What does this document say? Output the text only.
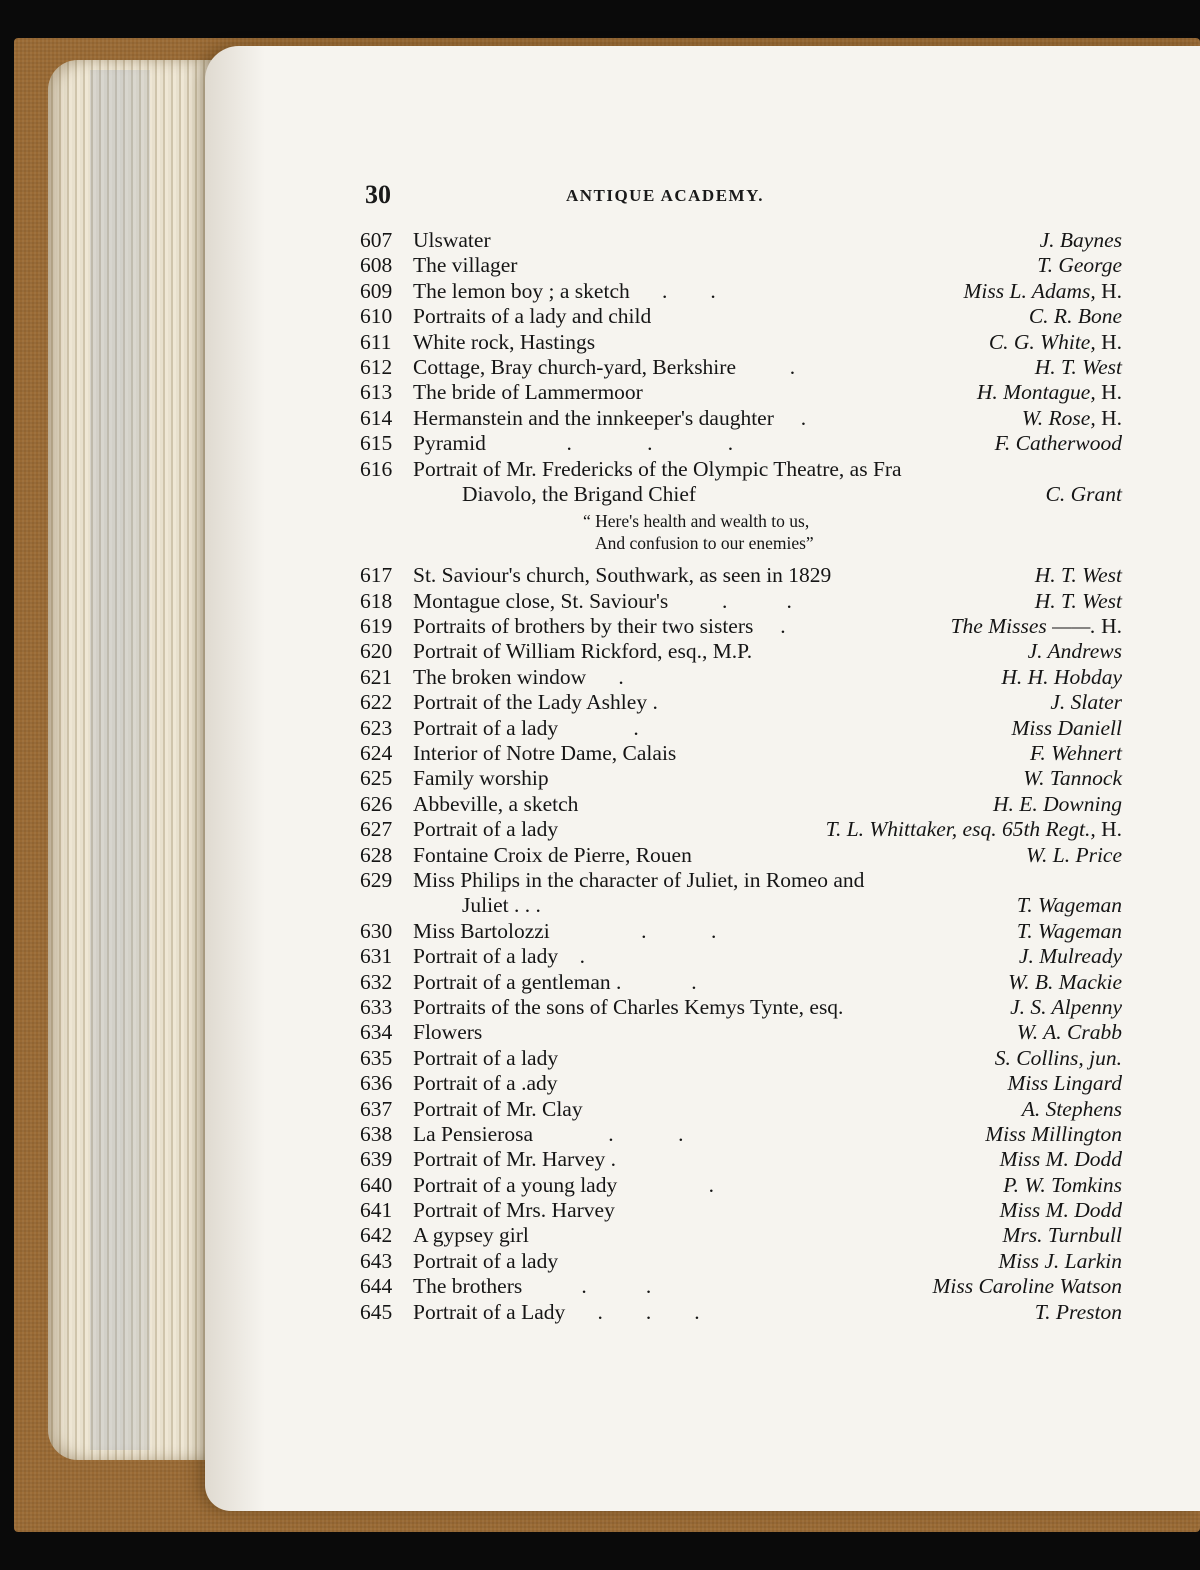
30	ANTIQUE ACADEMY.
607 Ulswater	J. Baynes
608 The villager	T. George
609 The lemon boy ; a sketch      .        .	Miss L. Adams, H.
610 Portraits of a lady and child	C. R. Bone
611 White rock, Hastings	C. G. White, H.
612 Cottage, Bray church-yard, Berkshire          .	H. T. West
613 The bride of Lammermoor	H. Montague, H.
614 Hermanstein and the innkeeper's daughter     .	W. Rose, H.
615 Pyramid               .              .              .	F. Catherwood
616 Portrait of Mr. Fredericks of the Olympic Theatre, as Fra
Diavolo, the Brigand Chief	C. Grant
“ Here's health and wealth to us,
And confusion to our enemies”
617 St. Saviour's church, Southwark, as seen in 1829	H. T. West
618 Montague close, St. Saviour's          .           .	H. T. West
619 Portraits of brothers by their two sisters     .	The Misses ——. H.
620 Portrait of William Rickford, esq., M.P.	J. Andrews
621 The broken window      .	H. H. Hobday
622 Portrait of the Lady Ashley .	J. Slater
623 Portrait of a lady              .	Miss Daniell
624 Interior of Notre Dame, Calais	F. Wehnert
625 Family worship	W. Tannock
626 Abbeville, a sketch	H. E. Downing
627 Portrait of a lady	T. L. Whittaker, esq. 65th Regt., H.
628 Fontaine Croix de Pierre, Rouen	W. L. Price
629 Miss Philips in the character of Juliet, in Romeo and
Juliet . . .	T. Wageman
630 Miss Bartolozzi                 .            .	T. Wageman
631 Portrait of a lady    .	J. Mulready
632 Portrait of a gentleman .             .	W. B. Mackie
633 Portraits of the sons of Charles Kemys Tynte, esq.	J. S. Alpenny
634 Flowers	W. A. Crabb
635 Portrait of a lady	S. Collins, jun.
636 Portrait of a .ady	Miss Lingard
637 Portrait of Mr. Clay	A. Stephens
638 La Pensierosa              .            .	Miss Millington
639 Portrait of Mr. Harvey .	Miss M. Dodd
640 Portrait of a young lady                 .	P. W. Tomkins
641 Portrait of Mrs. Harvey	Miss M. Dodd
642 A gypsey girl	Mrs. Turnbull
643 Portrait of a lady	Miss J. Larkin
644 The brothers           .           .	Miss Caroline Watson
645 Portrait of a Lady      .        .        .	T. Preston
